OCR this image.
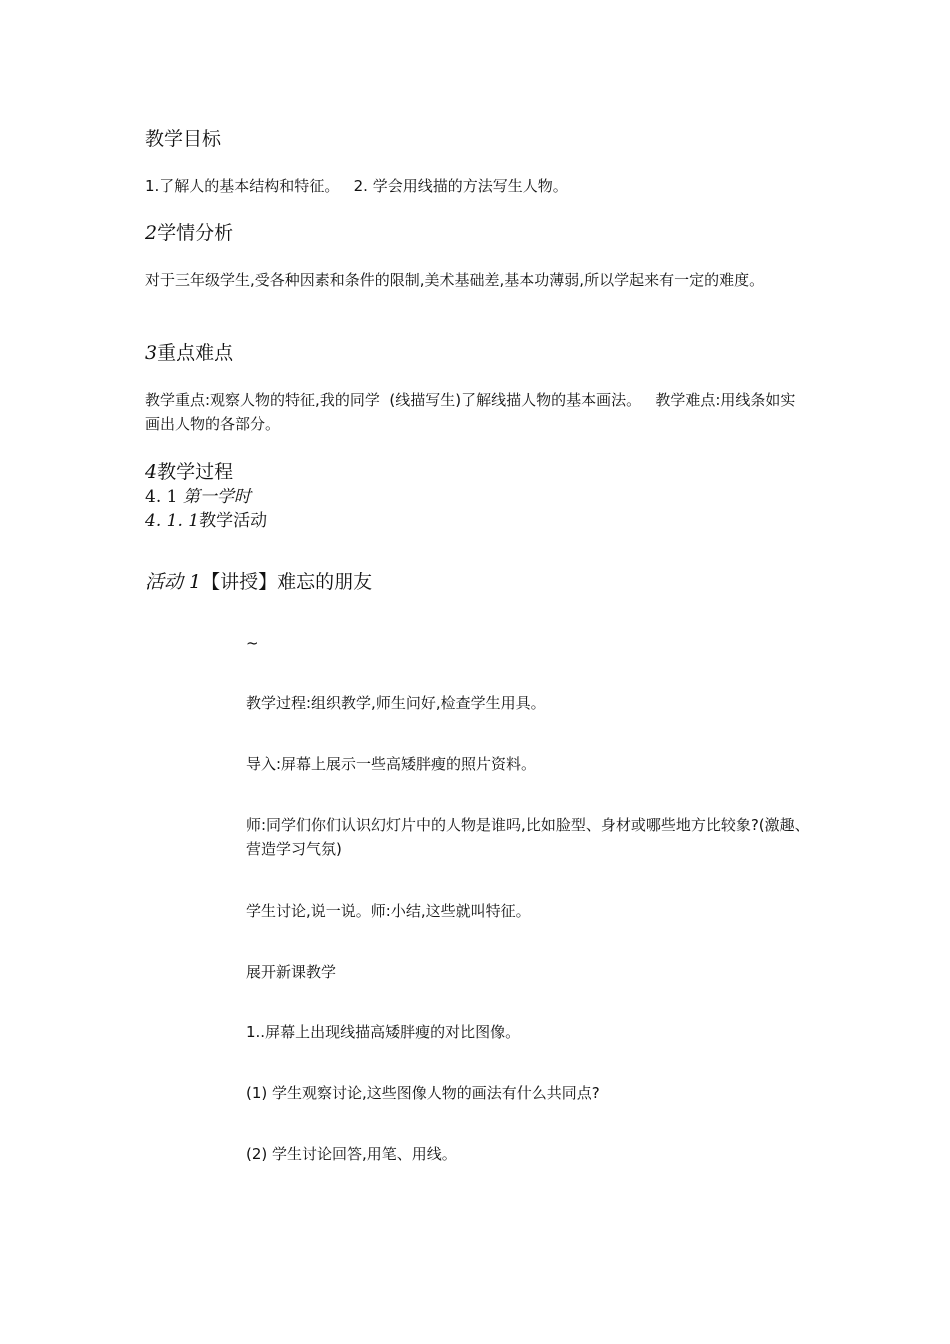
教学目标

1.了解人的基本结构和特征。   2. 学会用线描的方法写生人物。

2学情分析

对于三年级学生,受各种因素和条件的限制,美术基础差,基本功薄弱,所以学起来有一定的难度。

3重点难点

教学重点:观察人物的特征,我的同学  (线描写生)了解线描人物的基本画法。   教学难点:用线条如实画出人物的各部分。

4教学过程
4. 1 第一学时
4. 1. 1教学活动
活动 1【讲授】难忘的朋友

~

教学过程:组织教学,师生问好,检查学生用具。

导入:屏幕上展示一些高矮胖瘦的照片资料。

师:同学们你们认识幻灯片中的人物是谁吗,比如脸型、身材或哪些地方比较象?(激趣、营造学习气氛)

学生讨论,说一说。师:小结,这些就叫特征。

展开新课教学

1..屏幕上出现线描高矮胖瘦的对比图像。

(1) 学生观察讨论,这些图像人物的画法有什么共同点?

(2) 学生讨论回答,用笔、用线。
